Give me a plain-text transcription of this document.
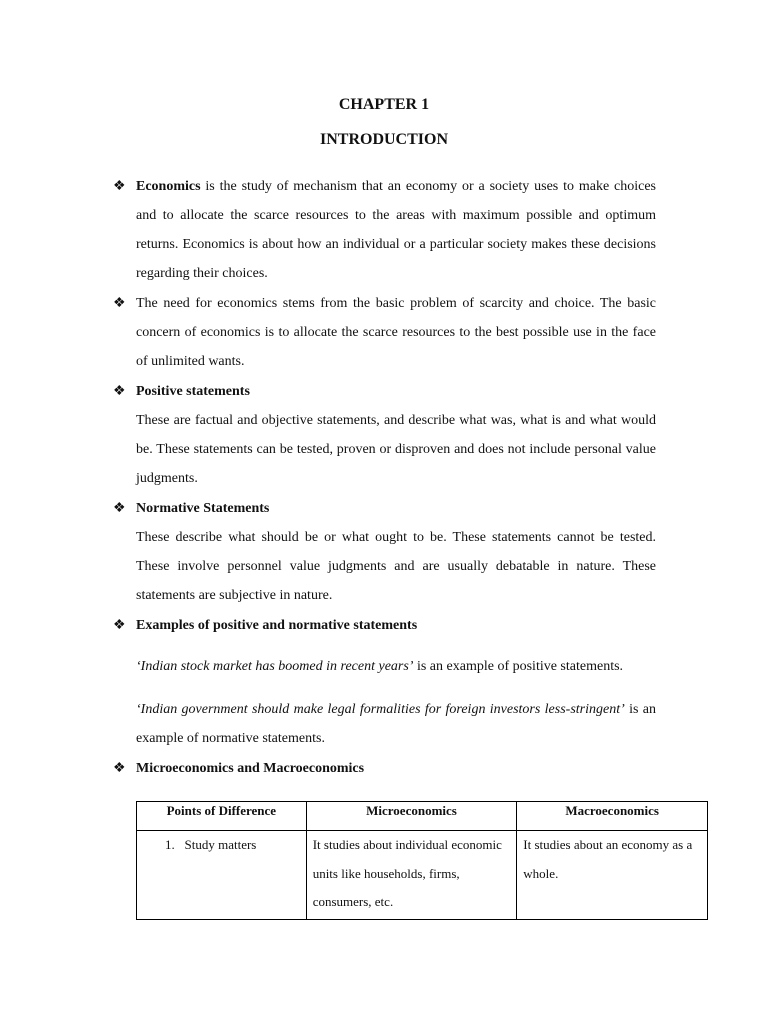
CHAPTER 1
INTRODUCTION
❖ Economics is the study of mechanism that an economy or a society uses to make choices and to allocate the scarce resources to the areas with maximum possible and optimum returns. Economics is about how an individual or a particular society makes these decisions regarding their choices.
❖ The need for economics stems from the basic problem of scarcity and choice. The basic concern of economics is to allocate the scarce resources to the best possible use in the face of unlimited wants.
❖ Positive statements
These are factual and objective statements, and describe what was, what is and what would be. These statements can be tested, proven or disproven and does not include personal value judgments.
❖ Normative Statements
These describe what should be or what ought to be. These statements cannot be tested. These involve personnel value judgments and are usually debatable in nature. These statements are subjective in nature.
❖ Examples of positive and normative statements
‘Indian stock market has boomed in recent years’ is an example of positive statements.
‘Indian government should make legal formalities for foreign investors less-stringent’ is an example of normative statements.
❖ Microeconomics and Macroeconomics
Points of Difference	Microeconomics	Macroeconomics
1. Study matters	It studies about individual economic units like households, firms, consumers, etc.	It studies about an economy as a whole.
